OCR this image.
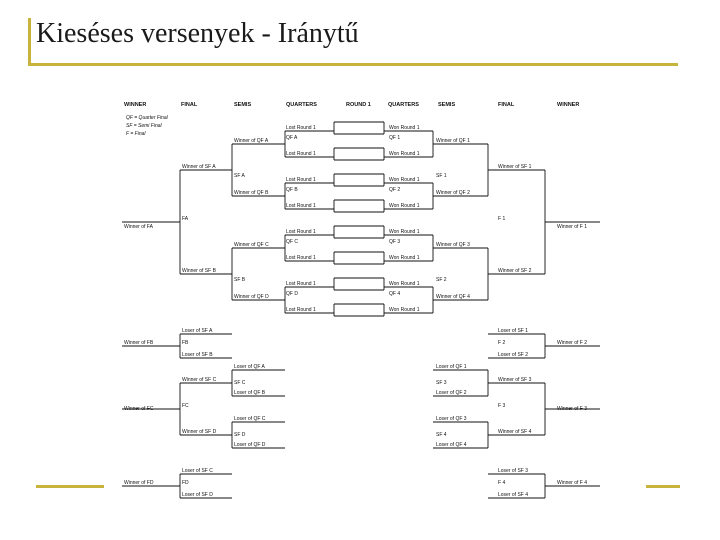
Kieséses versenyek - Iránytű
WINNER	FINAL	SEMIS	QUARTERS	ROUND 1	QUARTERS	SEMIS	FINAL	WINNER
QF = Quarter Final
SF = Semi Final
F = Final
Lost Round 1	Won Round 1
Lost Round 1	Won Round 1
Lost Round 1	Won Round 1
Lost Round 1	Won Round 1
Lost Round 1	Won Round 1
Lost Round 1	Won Round 1
Lost Round 1	Won Round 1
Lost Round 1	Won Round 1
QF A
Winner of QF A
QF B
Winner of QF B
QF C
Winner of QF C
QF D
Winner of QF D
QF 1	Winner of QF 1
QF 2	Winner of QF 2
QF 3	Winner of QF 3
QF 4	Winner of QF 4
SF A
Winner of SF A
SF B
Winner of SF B
SF 1
Winner of SF 1
SF 2
Winner of SF 2
FA
Winner of FA
F 1
Winner of F 1
Loser of SF A
FB
Loser of SF B
Winner of FB
Loser of SF 1
F 2
Loser of SF 2
Winner of F 2
Loser of QF A
Loser of QF B
Loser of QF C
Loser of QF D
SF C
Winner of SF C
SF D
Winner of SF D
FC
Winner of FC
Loser of QF 1
Loser of QF 2
Loser of QF 3
Loser of QF 4
SF 3	Winner of SF 3
SF 4	Winner of SF 4
F 3	Winner of F 3
Loser of SF C
FD
Loser of SF D
Winner of FD
Loser of SF 3
F 4
Loser of SF 4
Winner of F 4
